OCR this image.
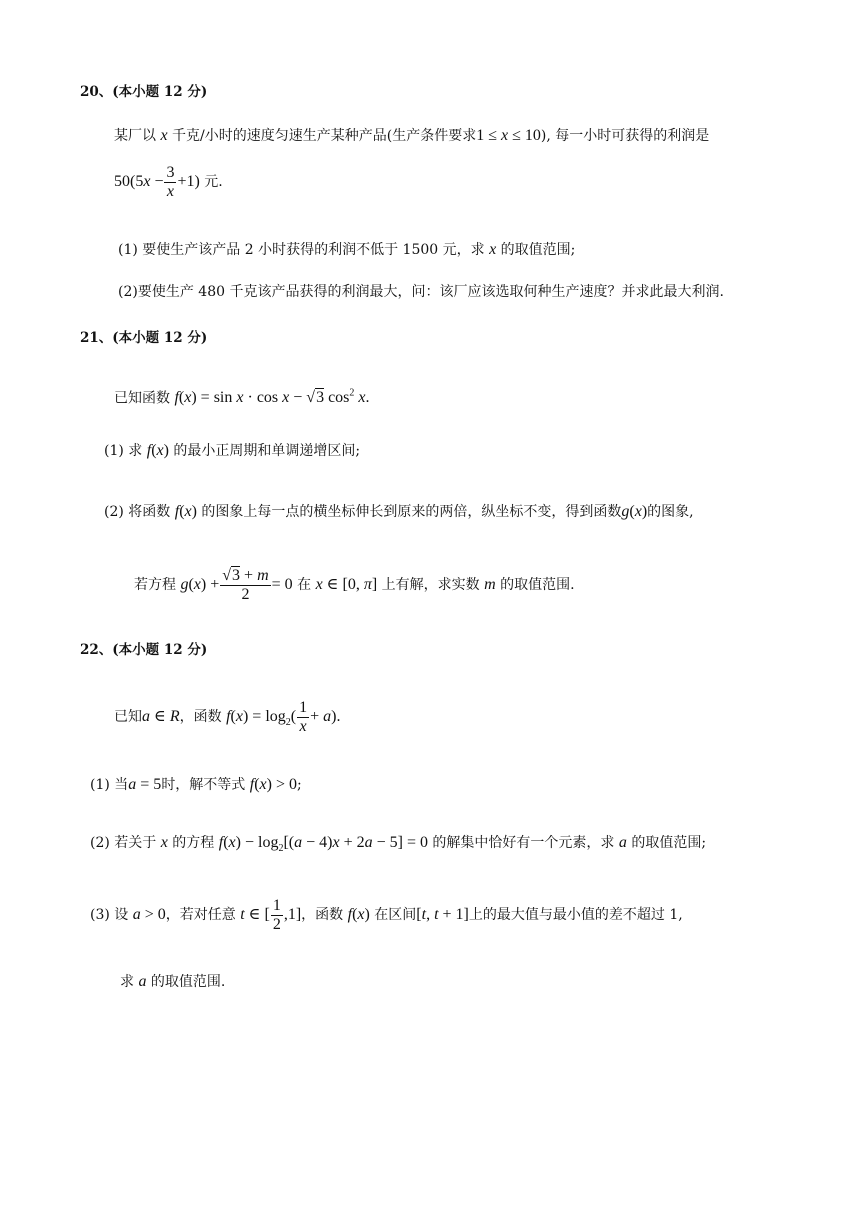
20、(本小题 12 分)
某厂以 x 千克/小时的速度匀速生产某种产品(生产条件要求1 ≤ x ≤ 10), 每一小时可获得的利润是
$50(5x - \frac{3}{x} +1)$ 元.
(1) 要使生产该产品 2 小时获得的利润不低于 1500 元，求 x 的取值范围;
(2)要使生产 480 千克该产品获得的利润最大，问：该厂应该选取何种生产速度？并求此最大利润.
21、(本小题 12 分)
已知函数 f(x) = sin x · cos x − √3 $\cos^2 x$.
(1) 求 f(x) 的最小正周期和单调递增区间;
(2) 将函数 f(x) 的图象上每一点的横坐标伸长到原来的两倍，纵坐标不变，得到函数g(x)的图象,
若方程 $g(x) + \frac{√3 + m}{2} = 0$ 在 x ∈ [0, π] 上有解，求实数 m 的取值范围.
22、(本小题 12 分)
已知a ∈ R，函数 $f(x) = \log_2( \frac{1}{x} + a)$.
(1) 当a = 5时，解不等式 f(x) > 0;
(2) 若关于 x 的方程 $f(x) - \log_2[(a - 4)x + 2a - 5] = 0$ 的解集中恰好有一个元素，求 a 的取值范围;
(3) 设 a > 0，若对任意 t ∈ [ $\frac{1}{2} ,1$]，函数 f(x) 在区间[t, t + 1]上的最大值与最小值的差不超过 1,
求 a 的取值范围.
